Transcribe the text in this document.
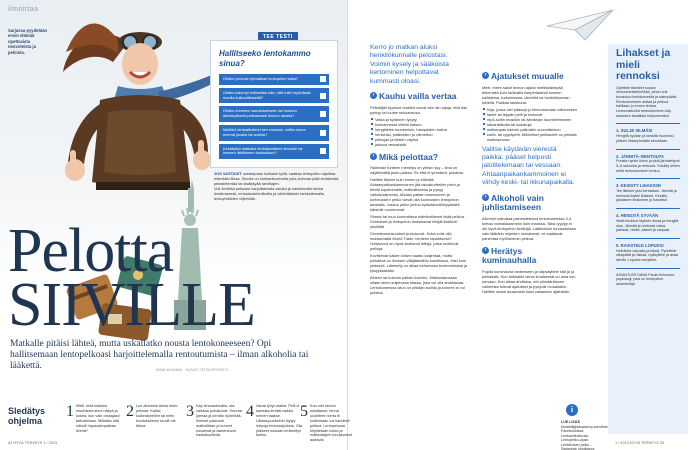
ilmoittaa
Sarjassa pyydetään ensin elämää opettavista neuvoteista ja peloista.
TEE TESTI
Hallitseeko lentokammo sinua?
Oletko peruvat työmatkan lentopelon takia?
Oletko kokenyt entiselläsi sillo, että tulet myöhässä muulla kulkuvälineellä?
Oletko ennesen sairastumiseen tai muutun lähestyäksesi pelkaavasti lennon aikana?
Mietitkö lentoaikoterei sen mukaan, voitko sinne mennä junalla tai autolla?
Keskitytkö matkalla lentotavoitteen lennolle tai koneen lähtöiseen tarkkailuun?
JOS VASTASIT useampaan kohtaan kyllä, saattaa lentopelko rajoittaa elämääsi liikaa. Sinulla on kohtaloituverelta joka-koinvaa pälä lentämistä pelastelentaa tai sisältäyää tarvittajen.
Voit lievittää pelkoasi harjoittamalla asioita ja hankkimalla tietoa lentämisestä, rentoutustekniikoilla ja vähintäänkin tarkkailemalla lentoyhtiöiden viljelmillä.
Pelotta
SIIVILLE
Matkalle pitäisi lähteä, mutta uskallatko nousta lentokoneeseen? Opi hallitsemaan lentopelkoasi harjoittelemalla rentoutumista – ilman alkoholia tai lääkettä.	NINA KIHAMA KUVAT ISTOCKPHOTO
Sledätys ohjelma
1 Mieti, mitä kaikkea muutoksia sinut näkyä ja kokea, kun vain onlaajasti tarkoitetaan. Millaista olisi nähdä Vapaudenpatsas livenä?
2 Lue aiheesta tietoa lento pelosta. Kaikki kulkeutyneihin tai netin kuvituksineen sivuilt ole tietoa.
3 Käy lentoasemalla, ota valkkaa puhakuvat. Seuraa joenaa ja kentän hyörintää. Ihmiset palanvat matkoiltaan ja koneet nousevat ja laskeutuvat hankaluudetta.
4 Varaa lyhyt matka. Pelli ei kannata lentää vaikka menen taakse. Lähkaupunkeihin löytyy halpoja lentotarjouksia. Ota pilkkeet mukaan lenkkeilyn tueksi.
5 Kun olet kerran uskaltanut, lennä uudelleen kerta ei kuitenkaan voi kahdesti pelkoa. Lentopelosta kirjoitetaan lukea ja matkustajien turvakurssit auttavat.
32 HYVÄ TERVEYS 1 / 2013
Kerro jo matkan aluksi henkilökunnalle pelostasi. Voimin kysely ja sääkoista kertominen helpottavat kummasti oloasi.
› Kauhu vailla vertaa

Pelkääjän fyysiset reaktiot voivat olla niin rajuja, että hän pyrkyy tai luulee sekoavansa.

Vatsa ja sydämen lyöyty.
kolmannesta silmiin katsoo.
hengittelee tuuneerisin, hampaiden kalina
henkeäsi, pidämiäen ja vilenettuu
pikkujan ja käsien vapina
jalkuva vessahätä
› Mikä pelottaa?

Hallinnan tunteen menetys on yleisin syy – ilma on näyttämällä juuto paikka. Se että ei ymmärrä, pelottaa.

Hallitse tilanne kuin ennen ja elämää. Ahtaanpaikankammoinen jää ostoskortteihin pieni ja tehdä loputtomalla, matkoiltaansa ja pysyy vaikutusalueella. Ahtaan paikan kammoinen ja korkeuksien pelko voivat olla luonnosten lentopelon taustalla. Joskus pelko johtuu epäsäännöllisyyksistä kärsivät nuoremmat.

Stressi tai muu kuormittava elämäntilanne lisää pelkoa. Ovetukset ja lentopelon laukaisevat tekijät lisäävät yksilöltä.

Onnettomuusuutiset ja elokuvat. Kuka voisi olla muistamatta World Trade Centerin tapahtumia? Hollywood on myös tuottanut leffoja, jotka ruokkivat pelkoja.

Kuvitelmat kaiken loisen saatto laajentaa, mutta pelkäävä on ihmisen vääjäämätön todellisuus, ettei kuin yhdessä. Lähetetty on alkaa kertomaan tuntemuksista ja tylsyyksistään.

Aiheen tai kokean paikan kammo. Matkustamossa ollaan kiinni suljetussa tilassa, joka voi olla ahdistavaa. Lentokoneessa istun on pitkään tuolilla ja koneen ei voi poistua.

› Ajatukset muualle

Mieti, miten saisit lennon ajaksi mielekkäimpää tekemistä kuin tarkkailla itsepintaisesti koneen kallistelua, turbulenssia, tärinöitä tai henkilökunnan kielellä. Pakkaa laukkuusi:

kirja, jossa olet päässyt jo kiinnostavaan vaiheeseen
tablet tai läppäri pelit ja elokuvat
mp3-soitin musiikin tai äänikirjan kuuntelemiseen
sanaristikoita tai sudokuja
matkaopas tuleviin paikoisiin suunnitteluun
kortti- tai ryypäpelit. Mielelliset pelikaverit on piristää matkaseuraa
Valitse käytävän vierestä paikka: pääset helposti jaloittelemaan tai vessaan. Ahtaanpaikankammoinen ei viihdy keski- tai ikkunapaikalla.
› Alkoholi vain juhlistamiseen

Alkoholi vaikuttaa paineistetussa lentokoneessa 3-4 kertaa voimakkaammin kuin maassa. Siksi ryyppy ei ole hyvä lentopelon lievittäjä. Lääkkeisiin turvaudutaan vain lääkärin ohjeiden mukaisesti, ne saattavat pahentaa myöhemmin pelkoa.

› Herätys kuminauhalla

Pujota kuminauha ranteeseen ja näpsäyttele sitä ja ja pelkäästit. Kun tarkkailet oleva ilmaisemat on aina ven olevaan. Kun alkaa ahdistaa, niin ylimääräiseen vaiheesta tulevat ajatukset ja pysyvät muuallakin. Hallitse oloasi avaamalla tilasi vastaaviin ajatuksiin.

i
LUE LISÄÄ
finnairflightacademy.com/fear. Facebookissa: Lentopelkokurssi. Lentopelko-opas: Lentämisen pelko – Sadepiste kirjoittanut.
Lihakset ja mieli rennoksi
Opettele tilanteet sopiva rentoutumistekniikka, johon voit turvautua lentokoneella ja sisimpääsi. Rentoutuminen auttaa ja pelkoa hallitaan jo ennen lentoa. Lentomatkoilla rentoutuminen käy alukseen tavallista helpommaksi.
1. SULJE SILMÄSI
Hengitä syvään ja keskitä huomiosi yhteen lihasryhmään kerrallaan.
2. JÄNNITÄ–RENTOUTA
Purista nyrkin kiinni ja pidä jännitettynä 5–6 sekuntia ja rentouta. Keskity siihen miltä rentoutuminen tuntuu.
3. KESKITY LIHAKSIIN
Tee liikkeet yksi kerrallaan. Jännitä ja rentouta kaikki lihakset. Keskity jokaiseen lihakseen ja havaitse.
4. HENGITÄ SYVÄÄN
Vedä keuhkot täyteen ilmaa ja hengitä ulos. Jännitä ja rentouta vatsa, pakarat, reidet, säaret ja varpaat.
5. RAVISTELE LOPUKSI
Heiluttele varpaita ja käsiä. Pyörittele olkapäitä ja niskaa, nyökyttele ja avaa silmät. Lopuksi venyttele.
ASIANTUNTIJANA Paula Koivunen, psykologi, joka on lentopelon asiantuntija
1 / 2013 HYVÄ TERVEYS 33
